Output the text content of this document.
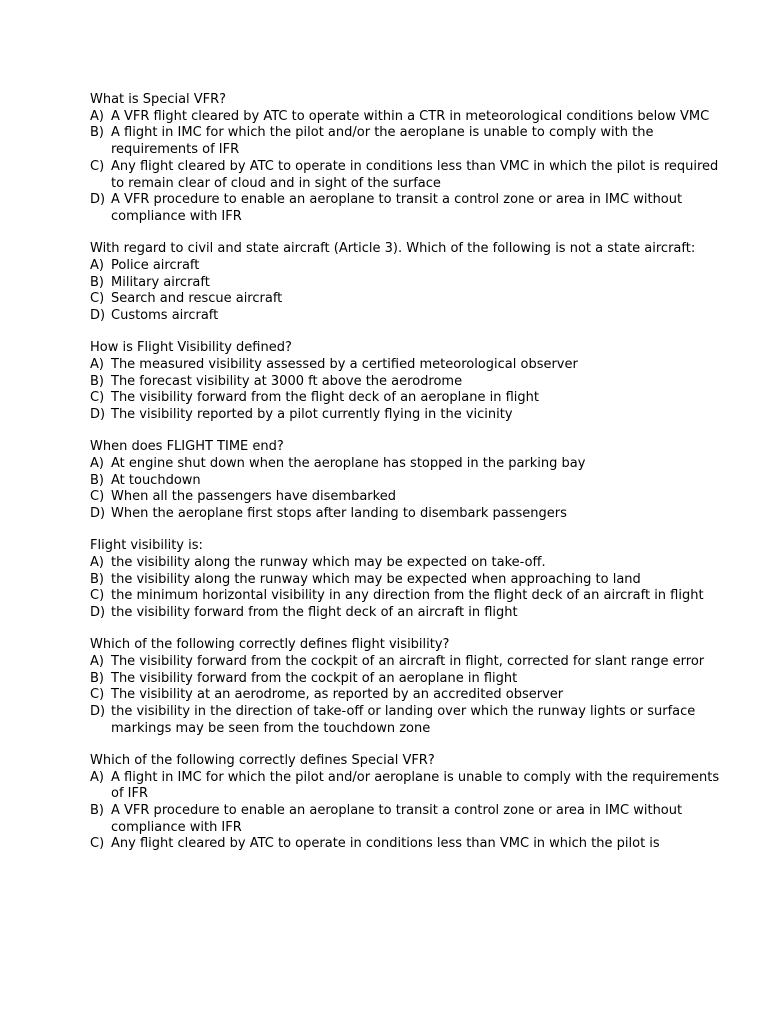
What is Special VFR?

A) A VFR flight cleared by ATC to operate within a CTR in meteorological conditions below VMC
B) A flight in IMC for which the pilot and/or the aeroplane is unable to comply with the requirements of IFR
C) Any flight cleared by ATC to operate in conditions less than VMC in which the pilot is required to remain clear of cloud and in sight of the surface
D) A VFR procedure to enable an aeroplane to transit a control zone or area in IMC without compliance with IFR

With regard to civil and state aircraft (Article 3). Which of the following is not a state aircraft:

A) Police aircraft
B) Military aircraft
C) Search and rescue aircraft
D) Customs aircraft

How is Flight Visibility defined?

A) The measured visibility assessed by a certified meteorological observer
B) The forecast visibility at 3000 ft above the aerodrome
C) The visibility forward from the flight deck of an aeroplane in flight
D) The visibility reported by a pilot currently flying in the vicinity

When does FLIGHT TIME end?

A) At engine shut down when the aeroplane has stopped in the parking bay
B) At touchdown
C) When all the passengers have disembarked
D) When the aeroplane first stops after landing to disembark passengers

Flight visibility is:

A) the visibility along the runway which may be expected on take-off.
B) the visibility along the runway which may be expected when approaching to land
C) the minimum horizontal visibility in any direction from the flight deck of an aircraft in flight
D) the visibility forward from the flight deck of an aircraft in flight

Which of the following correctly defines flight visibility?

A) The visibility forward from the cockpit of an aircraft in flight, corrected for slant range error
B) The visibility forward from the cockpit of an aeroplane in flight
C) The visibility at an aerodrome, as reported by an accredited observer
D) the visibility in the direction of take-off or landing over which the runway lights or surface markings may be seen from the touchdown zone

Which of the following correctly defines Special VFR?

A) A flight in IMC for which the pilot and/or aeroplane is unable to comply with the requirements of IFR
B) A VFR procedure to enable an aeroplane to transit a control zone or area in IMC without compliance with IFR
C) Any flight cleared by ATC to operate in conditions less than VMC in which the pilot is
